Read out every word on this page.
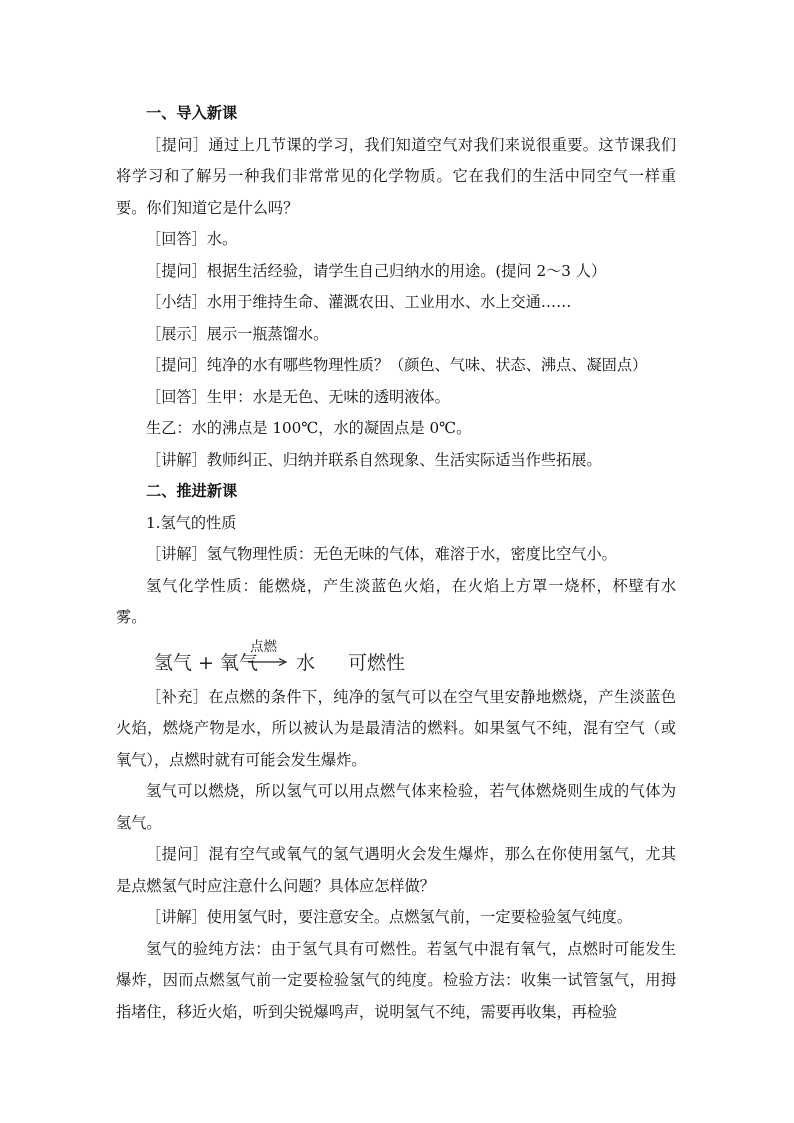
一、导入新课

［提问］通过上几节课的学习，我们知道空气对我们来说很重要。这节课我们将学习和了解另一种我们非常常见的化学物质。它在我们的生活中同空气一样重要。你们知道它是什么吗？

［回答］水。

［提问］根据生活经验，请学生自己归纳水的用途。(提问 2～3 人）

［小结］水用于维持生命、灌溉农田、工业用水、水上交通……

［展示］展示一瓶蒸馏水。

［提问］纯净的水有哪些物理性质？（颜色、气味、状态、沸点、凝固点）

［回答］生甲：水是无色、无味的透明液体。

生乙：水的沸点是 100℃，水的凝固点是 0℃。

［讲解］教师纠正、归纳并联系自然现象、生活实际适当作些拓展。

二、推进新课

1.氢气的性质

［讲解］氢气物理性质：无色无味的气体，难溶于水，密度比空气小。

氢气化学性质：能燃烧，产生淡蓝色火焰，在火焰上方罩一烧杯，杯壁有水雾。

氢气 + 氧气
点燃
水 可燃性

［补充］在点燃的条件下，纯净的氢气可以在空气里安静地燃烧，产生淡蓝色火焰，燃烧产物是水，所以被认为是最清洁的燃料。如果氢气不纯，混有空气（或氧气），点燃时就有可能会发生爆炸。

氢气可以燃烧，所以氢气可以用点燃气体来检验，若气体燃烧则生成的气体为氢气。

［提问］混有空气或氧气的氢气遇明火会发生爆炸，那么在你使用氢气，尤其是点燃氢气时应注意什么问题？具体应怎样做？

［讲解］使用氢气时，要注意安全。点燃氢气前，一定要检验氢气纯度。

氢气的验纯方法：由于氢气具有可燃性。若氢气中混有氧气，点燃时可能发生爆炸，因而点燃氢气前一定要检验氢气的纯度。检验方法：收集一试管氢气，用拇指堵住，移近火焰，听到尖锐爆鸣声，说明氢气不纯，需要再收集，再检验
